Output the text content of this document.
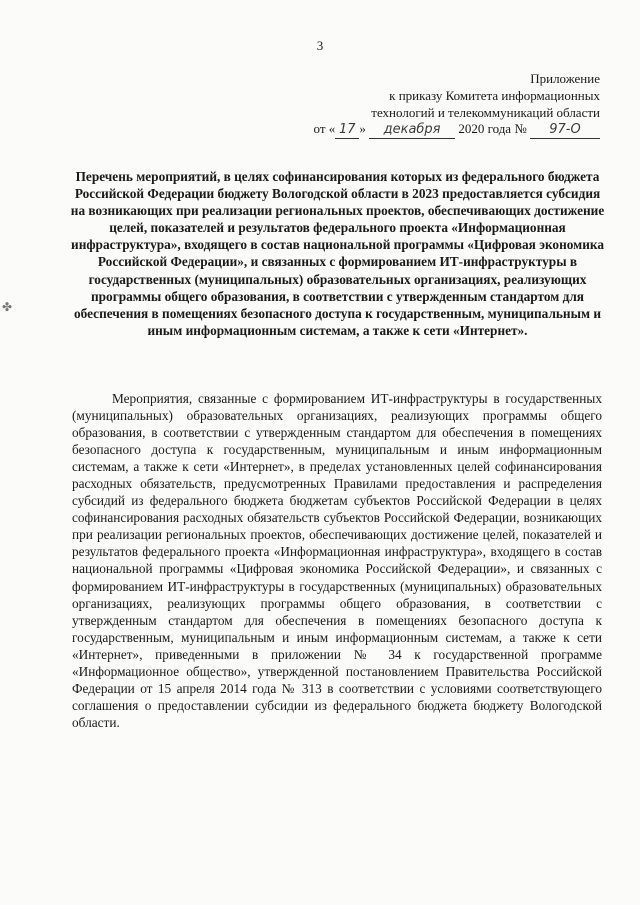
3
Приложение
к приказу Комитета информационных
технологий и телекоммуникаций области
от « 17 » декабря 2020 года № 97-О
Перечень мероприятий, в целях софинансирования которых из федерального бюджета Российской Федерации бюджету Вологодской области в 2023 предоставляется субсидия на возникающих при реализации региональных проектов, обеспечивающих достижение целей, показателей и результатов федерального проекта «Информационная инфраструктура», входящего в состав национальной программы «Цифровая экономика Российской Федерации», и связанных с формированием ИТ-инфраструктуры в государственных (муниципальных) образовательных организациях, реализующих программы общего образования, в соответствии с утвержденным стандартом для обеспечения в помещениях безопасного доступа к государственным, муниципальным и иным информационным системам, а также к сети «Интернет».
Мероприятия, связанные с формированием ИТ-инфраструктуры в государственных (муниципальных) образовательных организациях, реализующих программы общего образования, в соответствии с утвержденным стандартом для обеспечения в помещениях безопасного доступа к государственным, муниципальным и иным информационным системам, а также к сети «Интернет», в пределах установленных целей софинансирования расходных обязательств, предусмотренных Правилами предоставления и распределения субсидий из федерального бюджета бюджетам субъектов Российской Федерации в целях софинансирования расходных обязательств субъектов Российской Федерации, возникающих при реализации региональных проектов, обеспечивающих достижение целей, показателей и результатов федерального проекта «Информационная инфраструктура», входящего в состав национальной программы «Цифровая экономика Российской Федерации», и связанных с формированием ИТ-инфраструктуры в государственных (муниципальных) образовательных организациях, реализующих программы общего образования, в соответствии с утвержденным стандартом для обеспечения в помещениях безопасного доступа к государственным, муниципальным и иным информационным системам, а также к сети «Интернет», приведенными в приложении № 34 к государственной программе «Информационное общество», утвержденной постановлением Правительства Российской Федерации от 15 апреля 2014 года № 313 в соответствии с условиями соответствующего соглашения о предоставлении субсидии из федерального бюджета бюджету Вологодской области.
✤
